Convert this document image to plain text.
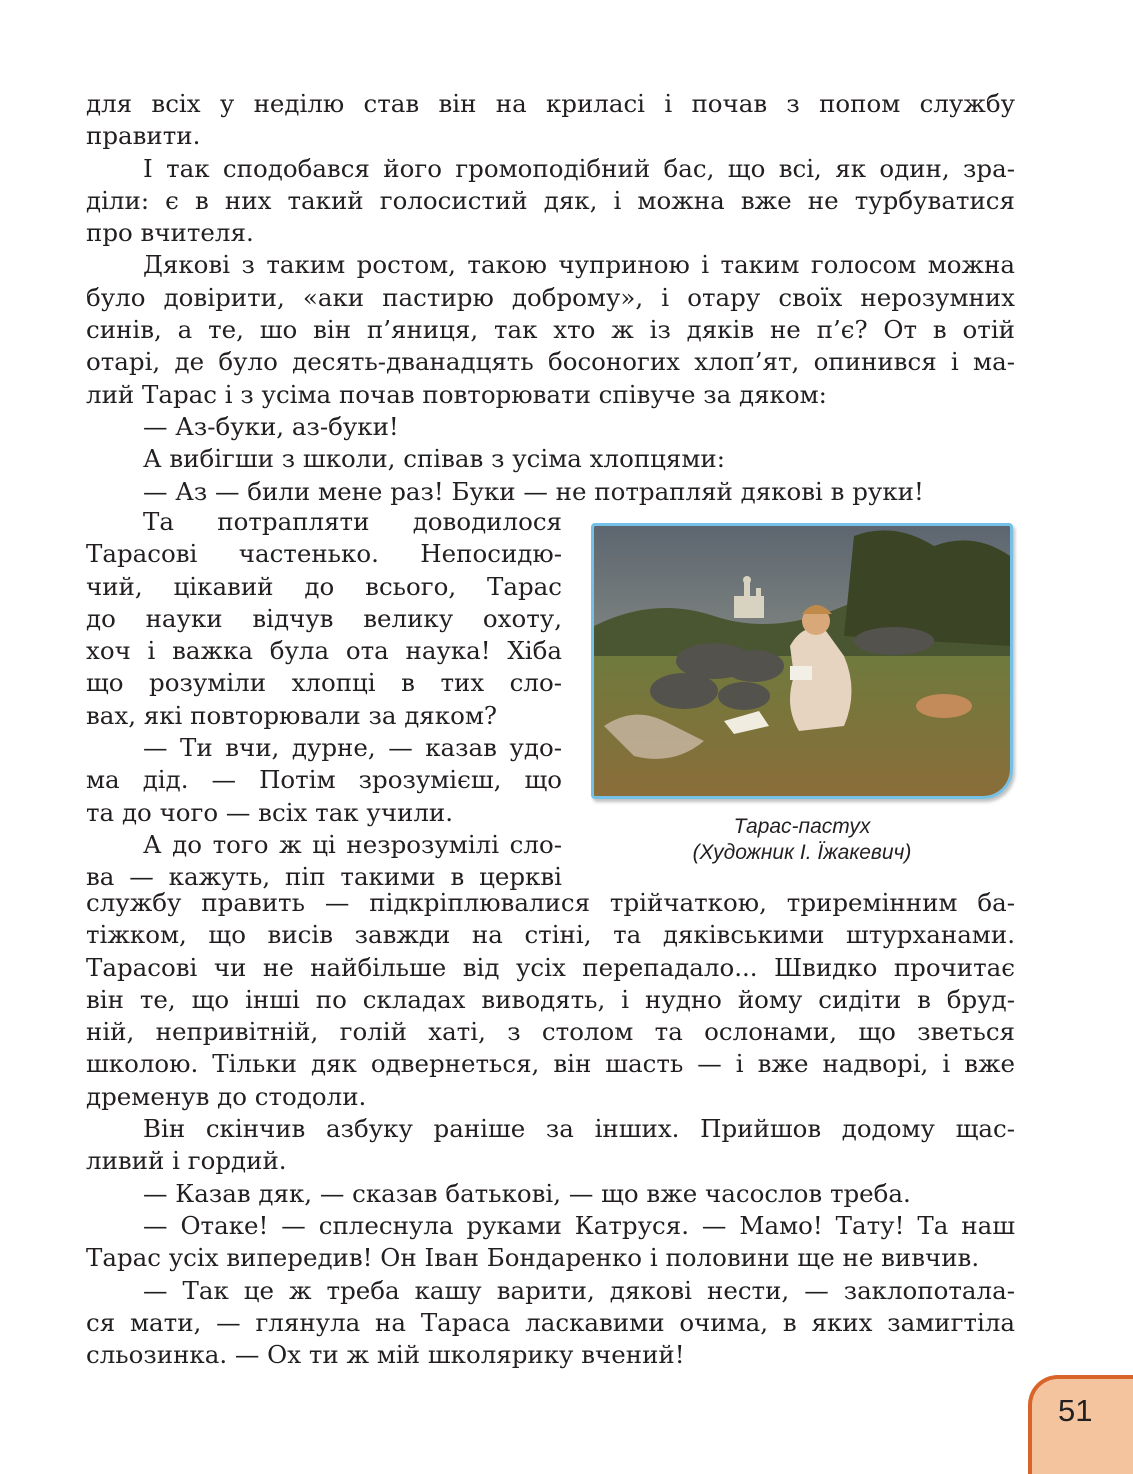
для всіх у неділю став він на криласі і почав з попом службу
правити.

І так сподобався його громоподібний бас, що всі, як один, зра-
діли: є в них такий голосистий дяк, і можна вже не турбуватися
про вчителя.

Дякові з таким ростом, такою чуприною і таким голосом можна
було довірити, «аки пастирю доброму», і отару своїх нерозумних
синів, а те, шо він п’яниця, так хто ж із дяків не п’є? От в отій
отарі, де було десять-дванадцять босоногих хлоп’ят, опинився і ма-
лий Тарас і з усіма почав повторювати співуче за дяком:

— Аз-буки, аз-буки!

А вибігши з школи, співав з усіма хлопцями:

— Аз — били мене раз! Буки — не потрапляй дякові в руки!

Та потрапляти доводилося
Тарасові частенько. Непосидю-
чий, цікавий до всього, Тарас
до науки відчув велику охоту,
хоч і важка була ота наука! Хіба
що розуміли хлопці в тих сло-
вах, які повторювали за дяком?

— Ти вчи, дурне, — казав удо-
ма дід. — Потім зрозумієш, що
та до чого — всіх так учили.

А до того ж ці незрозумілі сло-
ва — кажуть, піп такими в церкві

службу править — підкріплювалися трійчаткою, триремінним ба-
тіжком, що висів завжди на стіні, та дяківськими штурханами.
Тарасові чи не найбільше від усіх перепадало... Швидко прочитає
він те, що інші по складах виводять, і нудно йому сидіти в бруд-
ній, непривітній, голій хаті, з столом та ослонами, що зветься
школою. Тільки дяк одвернеться, він шасть — і вже надворі, і вже
дременув до стодоли.

Він скінчив азбуку раніше за інших. Прийшов додому щас-
ливий і гордий.

— Казав дяк, — сказав батькові, — що вже часослов треба.

— Отаке! — сплеснула руками Катруся. — Мамо! Тату! Та наш
Тарас усіх випередив! Он Іван Бондаренко і половини ще не вивчив.

— Так це ж треба кашу варити, дякові нести, — заклопотала-
ся мати, — глянула на Тараса ласкавими очима, в яких замигтіла
сльозинка. — Ох ти ж мій школярику вчений!

Тарас-пастух
(Художник І. Їжакевич)
51
